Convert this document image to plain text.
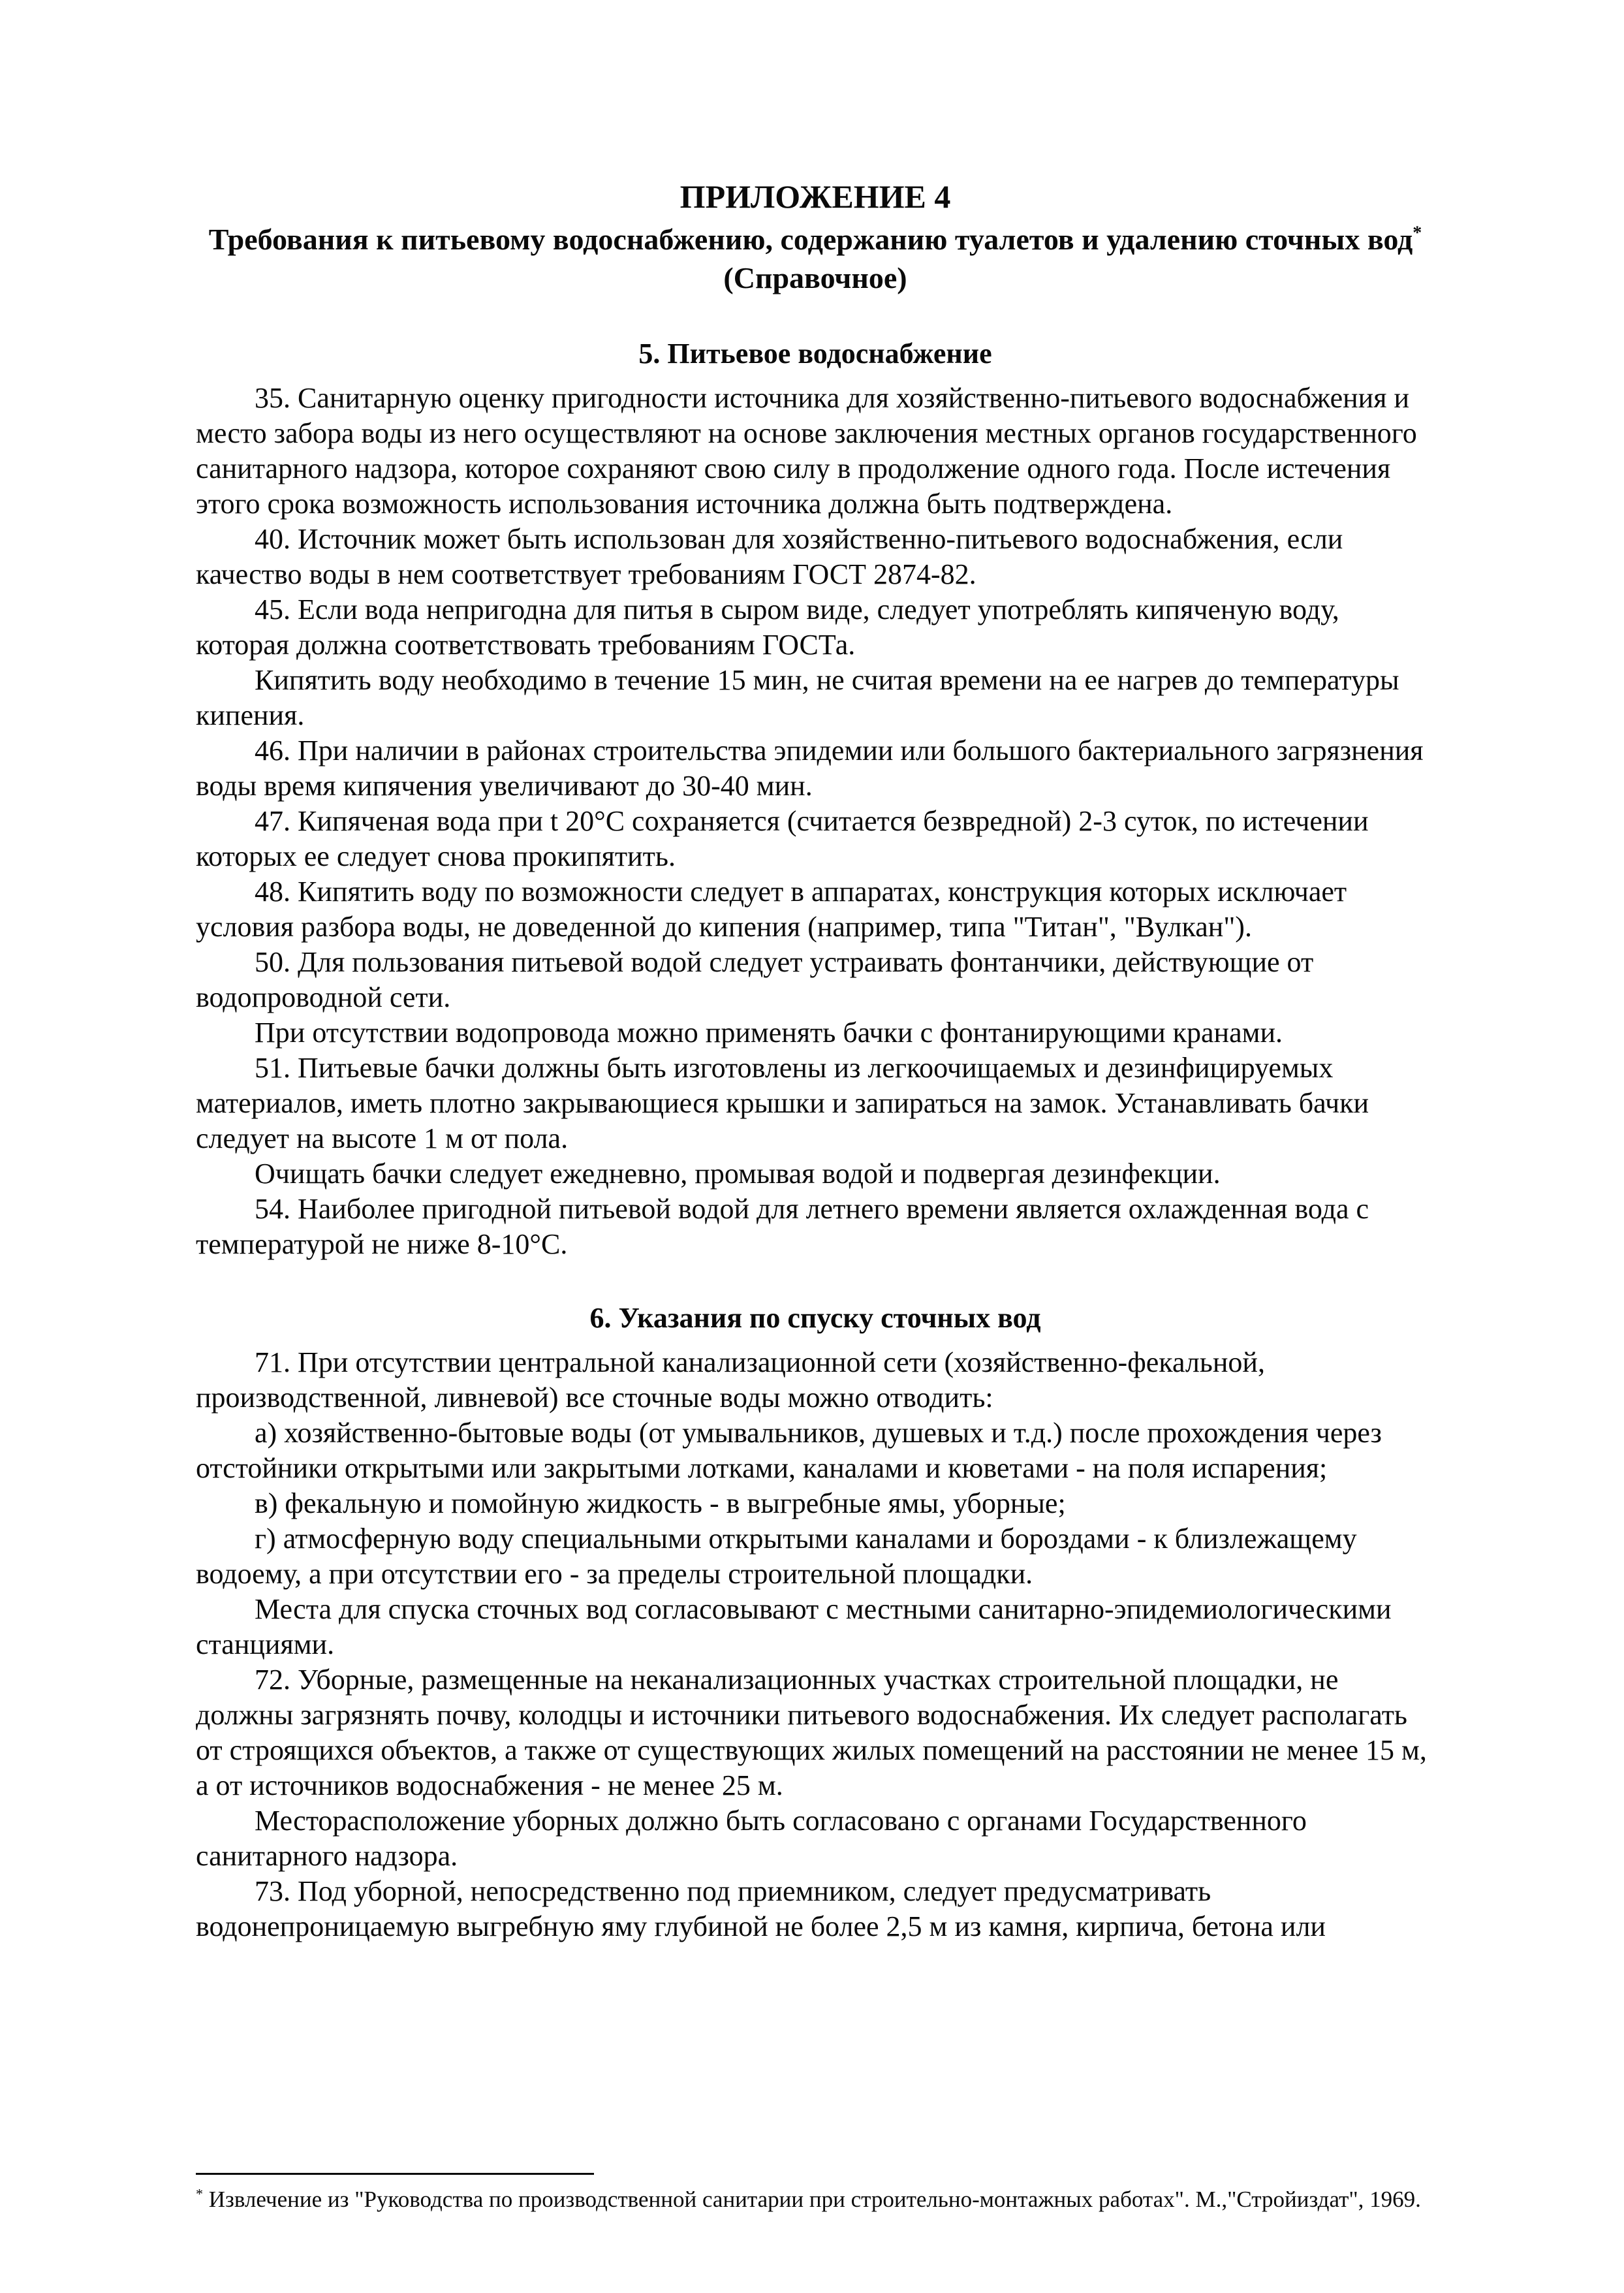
ПРИЛОЖЕНИЕ 4
Требования к питьевому водоснабжению, содержанию туалетов и удалению сточных вод*(Справочное)
5. Питьевое водоснабжение

35. Санитарную оценку пригодности источника для хозяйственно-питьевого водоснабжения и место забора воды из него осуществляют на основе заключения местных органов государственного санитарного надзора, которое сохраняют свою силу в продолжение одного года. После истечения этого срока возможность использования источника должна быть подтверждена.

40. Источник может быть использован для хозяйственно-питьевого водоснабжения, если качество воды в нем соответствует требованиям ГОСТ 2874-82.

45. Если вода непригодна для питья в сыром виде, следует употреблять кипяченую воду, которая должна соответствовать требованиям ГОСТа.

Кипятить воду необходимо в течение 15 мин, не считая времени на ее нагрев до температуры кипения.

46. При наличии в районах строительства эпидемии или большого бактериального загрязнения воды время кипячения увеличивают до 30-40 мин.

47. Кипяченая вода при t 20°С сохраняется (считается безвредной) 2-3 суток, по истечении которых ее следует снова прокипятить.

48. Кипятить воду по возможности следует в аппаратах, конструкция которых исключает условия разбора воды, не доведенной до кипения (например, типа "Титан", "Вулкан").

50. Для пользования питьевой водой следует устраивать фонтанчики, действующие от водопроводной сети.

При отсутствии водопровода можно применять бачки с фонтанирующими кранами.

51. Питьевые бачки должны быть изготовлены из легкоочищаемых и дезинфицируемых материалов, иметь плотно закрывающиеся крышки и запираться на замок. Устанавливать бачки следует на высоте 1 м от пола.

Очищать бачки следует ежедневно, промывая водой и подвергая дезинфекции.

54. Наиболее пригодной питьевой водой для летнего времени является охлажденная вода с температурой не ниже 8-10°С.

6. Указания по спуску сточных вод

71. При отсутствии центральной канализационной сети (хозяйственно-фекальной, производственной, ливневой) все сточные воды можно отводить:

а) хозяйственно-бытовые воды (от умывальников, душевых и т.д.) после прохождения через отстойники открытыми или закрытыми лотками, каналами и кюветами - на поля испарения;

в) фекальную и помойную жидкость - в выгребные ямы, уборные;

г) атмосферную воду специальными открытыми каналами и бороздами - к близлежащему водоему, а при отсутствии его - за пределы строительной площадки.

Места для спуска сточных вод согласовывают с местными санитарно-эпидемиологическими станциями.

72. Уборные, размещенные на неканализационных участках строительной площадки, не должны загрязнять почву, колодцы и источники питьевого водоснабжения. Их следует располагать от строящихся объектов, а также от существующих жилых помещений на расстоянии не менее 15 м, а от источников водоснабжения - не менее 25 м.

Месторасположение уборных должно быть согласовано с органами Государственного санитарного надзора.

73. Под уборной, непосредственно под приемником, следует предусматривать водонепроницаемую выгребную яму глубиной не более 2,5 м из камня, кирпича, бетона или

* Извлечение из "Руководства по производственной санитарии при строительно-монтажных работах". М.,"Стройиздат", 1969.
